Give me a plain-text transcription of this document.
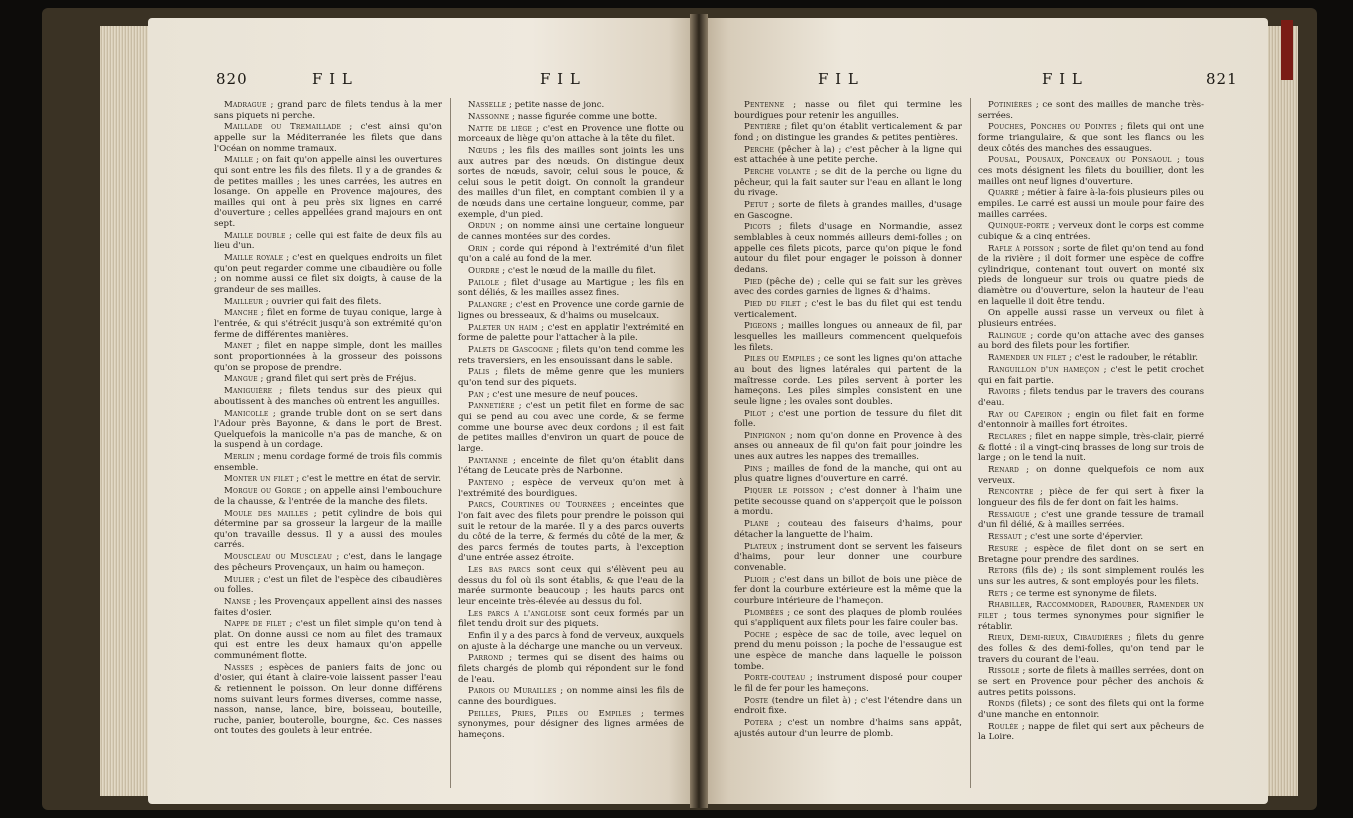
820	F I L	F I L

Madrague ; grand parc de filets tendus à la mer sans piquets ni perche.

Maillade ou Tremaillade ; c'est ainsi qu'on appelle sur la Méditerranée les filets que dans l'Océan on nomme tramaux.

Maille ; on fait qu'on appelle ainsi les ouvertures qui sont entre les fils des filets. Il y a de grandes & de petites mailles ; les unes carrées, les autres en losange. On appelle en Provence majoures, des mailles qui ont à peu près six lignes en carré d'ouverture ; celles appellées grand majours en ont sept.

Maille double ; celle qui est faite de deux fils au lieu d'un.

Maille royale ; c'est en quelques endroits un filet qu'on peut regarder comme une cibaudière ou folle ; on nomme aussi ce filet six doigts, à cause de la grandeur de ses mailles.

Mailleur ; ouvrier qui fait des filets.

Manche ; filet en forme de tuyau conique, large à l'entrée, & qui s'étrécit jusqu'à son extrémité qu'on ferme de différentes manières.

Manet ; filet en nappe simple, dont les mailles sont proportionnées à la grosseur des poissons qu'on se propose de prendre.

Mangue ; grand filet qui sert près de Fréjus.

Maniguière ; filets tendus sur des pieux qui aboutissent à des manches où entrent les anguilles.

Manicolle ; grande truble dont on se sert dans l'Adour près Bayonne, & dans le port de Brest. Quelquefois la manicolle n'a pas de manche, & on la suspend à un cordage.

Merlin ; menu cordage formé de trois fils commis ensemble.

Monter un filet ; c'est le mettre en état de servir.

Morgue ou Gorge ; on appelle ainsi l'embouchure de la chausse, & l'entrée de la manche des filets.

Moule des mailles ; petit cylindre de bois qui détermine par sa grosseur la largeur de la maille qu'on travaille dessus. Il y a aussi des moules carrés.

Mouscleau ou Muscleau ; c'est, dans le langage des pêcheurs Provençaux, un haim ou hameçon.

Mulier ; c'est un filet de l'espèce des cibaudières ou folles.

Nanse ; les Provençaux appellent ainsi des nasses faites d'osier.

Nappe de filet ; c'est un filet simple qu'on tend à plat. On donne aussi ce nom au filet des tramaux qui est entre les deux hamaux qu'on appelle communément flotte.

Nasses ; espèces de paniers faits de jonc ou d'osier, qui étant à claire-voie laissent passer l'eau & retiennent le poisson. On leur donne différens noms suivant leurs formes diverses, comme nasse, nasson, nanse, lance, bire, boisseau, bouteille, ruche, panier, bouterolle, bourgne, &c. Ces nasses ont toutes des goulets à leur entrée.

Nasselle ; petite nasse de jonc.

Nassonne ; nasse figurée comme une botte.

Natte de liège ; c'est en Provence une flotte ou morceaux de liège qu'on attache à la tête du filet.

Nœuds ; les fils des mailles sont joints les uns aux autres par des nœuds. On distingue deux sortes de nœuds, savoir, celui sous le pouce, & celui sous le petit doigt. On connoît la grandeur des mailles d'un filet, en comptant combien il y a de nœuds dans une certaine longueur, comme, par exemple, d'un pied.

Ordun ; on nomme ainsi une certaine longueur de cannes montées sur des cordes.

Orin ; corde qui répond à l'extrémité d'un filet qu'on a calé au fond de la mer.

Ourdre ; c'est le nœud de la maille du filet.

Pailole ; filet d'usage au Martigue ; les fils en sont déliés, & les mailles assez fines.

Palangre ; c'est en Provence une corde garnie de lignes ou bresseaux, & d'haims ou muselcaux.

Paleter un haim ; c'est en applatir l'extrémité en forme de palette pour l'attacher à la pile.

Palets de Gascogne ; filets qu'on tend comme les rets traversiers, en les ensouissant dans le sable.

Palis ; filets de même genre que les muniers qu'on tend sur des piquets.

Pan ; c'est une mesure de neuf pouces.

Pannetière ; c'est un petit filet en forme de sac qui se pend au cou avec une corde, & se ferme comme une bourse avec deux cordons ; il est fait de petites mailles d'environ un quart de pouce de large.

Pantanne ; enceinte de filet qu'on établit dans l'étang de Leucate près de Narbonne.

Panteno ; espèce de verveux qu'on met à l'extrémité des bourdigues.

Parcs, Courtines ou Tournées ; enceintes que l'on fait avec des filets pour prendre le poisson qui suit le retour de la marée. Il y a des parcs ouverts du côté de la terre, & fermés du côté de la mer, & des parcs fermés de toutes parts, à l'exception d'une entrée assez étroite.

Les bas parcs sont ceux qui s'élèvent peu au dessus du fol où ils sont établis, & que l'eau de la marée surmonte beaucoup ; les hauts parcs ont leur enceinte très-élevée au dessus du fol.

Les parcs à l'angloise sont ceux formés par un filet tendu droit sur des piquets.

Enfin il y a des parcs à fond de verveux, auxquels on ajuste à la décharge une manche ou un verveux.

Parrond ; termes qui se disent des haims ou filets chargés de plomb qui répondent sur le fond de l'eau.

Parois ou Murailles ; on nomme ainsi les fils de canne des bourdigues.

Peilles, Pries, Piles ou Empiles ; termes synonymes, pour désigner des lignes armées de hameçons.

F I L	F I L	821

Pentenne ; nasse ou filet qui termine les bourdigues pour retenir les anguilles.

Pentière ; filet qu'on établit verticalement & par fond ; on distingue les grandes & petites pentières.

Perche (pêcher à la) ; c'est pêcher à la ligne qui est attachée à une petite perche.

Perche volante ; se dit de la perche ou ligne du pêcheur, qui la fait sauter sur l'eau en allant le long du rivage.

Petut ; sorte de filets à grandes mailles, d'usage en Gascogne.

Picots ; filets d'usage en Normandie, assez semblables à ceux nommés ailleurs demi-folles ; on appelle ces filets picots, parce qu'on pique le fond autour du filet pour engager le poisson à donner dedans.

Pied (pêche de) ; celle qui se fait sur les grèves avec des cordes garnies de lignes & d'haims.

Pied du filet ; c'est le bas du filet qui est tendu verticalement.

Pigeons ; mailles longues ou anneaux de fil, par lesquelles les mailleurs commencent quelquefois les filets.

Piles ou Empiles ; ce sont les lignes qu'on attache au bout des lignes latérales qui partent de la maîtresse corde. Les piles servent à porter les hameçons. Les piles simples consistent en une seule ligne ; les ovales sont doubles.

Pilot ; c'est une portion de tessure du filet dit folle.

Pinpignon ; nom qu'on donne en Provence à des anses ou anneaux de fil qu'on fait pour joindre les unes aux autres les nappes des tremailles.

Pins ; mailles de fond de la manche, qui ont au plus quatre lignes d'ouverture en carré.

Piquer le poisson ; c'est donner à l'haim une petite secousse quand on s'apperçoit que le poisson a mordu.

Plane ; couteau des faiseurs d'haims, pour détacher la languette de l'haim.

Plateux ; instrument dont se servent les faiseurs d'haims, pour leur donner une courbure convenable.

Plioir ; c'est dans un billot de bois une pièce de fer dont la courbure extérieure est la même que la courbure intérieure de l'hameçon.

Plombées ; ce sont des plaques de plomb roulées qui s'appliquent aux filets pour les faire couler bas.

Poche ; espèce de sac de toile, avec lequel on prend du menu poisson ; la poche de l'essaugue est une espèce de manche dans laquelle le poisson tombe.

Porte-couteau ; instrument disposé pour couper le fil de fer pour les hameçons.

Poste (tendre un filet à) ; c'est l'étendre dans un endroit fixe.

Potera ; c'est un nombre d'haims sans appât, ajustés autour d'un leurre de plomb.

Potinières ; ce sont des mailles de manche très-serrées.

Pouches, Ponches ou Pointes ; filets qui ont une forme triangulaire, & que sont les flancs ou les deux côtés des manches des essaugues.

Pousal, Pousaux, Ponceaux ou Ponsaoul ; tous ces mots désignent les filets du bouillier, dont les mailles ont neuf lignes d'ouverture.

Quarré ; métier à faire à-la-fois plusieurs piles ou empiles. Le carré est aussi un moule pour faire des mailles carrées.

Quinque-porte ; verveux dont le corps est comme cubique & a cinq entrées.

Rafle à poisson ; sorte de filet qu'on tend au fond de la rivière ; il doit former une espèce de coffre cylindrique, contenant tout ouvert on monté six pieds de longueur sur trois ou quatre pieds de diamètre ou d'ouverture, selon la hauteur de l'eau en laquelle il doit être tendu.

On appelle aussi rasse un verveux ou filet à plusieurs entrées.

Ralingue ; corde qu'on attache avec des ganses au bord des filets pour les fortifier.

Ramender un filet ; c'est le radouber, le rétablir.

Ranguillon d'un hameçon ; c'est le petit crochet qui en fait partie.

Ravoirs ; filets tendus par le travers des courans d'eau.

Ray ou Capeiron ; engin ou filet fait en forme d'entonnoir à mailles fort étroites.

Reclares ; filet en nappe simple, très-clair, pierré & flotté : il a vingt-cinq brasses de long sur trois de large ; on le tend la nuit.

Renard ; on donne quelquefois ce nom aux verveux.

Rencontre ; pièce de fer qui sert à fixer la longueur des fils de fer dont on fait les haims.

Ressaigue ; c'est une grande tessure de tramail d'un fil délié, & à mailles serrées.

Ressaut ; c'est une sorte d'épervier.

Resure ; espèce de filet dont on se sert en Bretagne pour prendre des sardines.

Retors (fils de) ; ils sont simplement roulés les uns sur les autres, & sont employés pour les filets.

Rets ; ce terme est synonyme de filets.

Rhabiller, Raccommoder, Radouber, Ramender un filet ; tous termes synonymes pour signifier le rétablir.

Rieux, Demi-rieux, Cibaudières ; filets du genre des folles & des demi-folles, qu'on tend par le travers du courant de l'eau.

Rissole ; sorte de filets à mailles serrées, dont on se sert en Provence pour pêcher des anchois & autres petits poissons.

Ronds (filets) ; ce sont des filets qui ont la forme d'une manche en entonnoir.

Roulée ; nappe de filet qui sert aux pêcheurs de la Loire.
